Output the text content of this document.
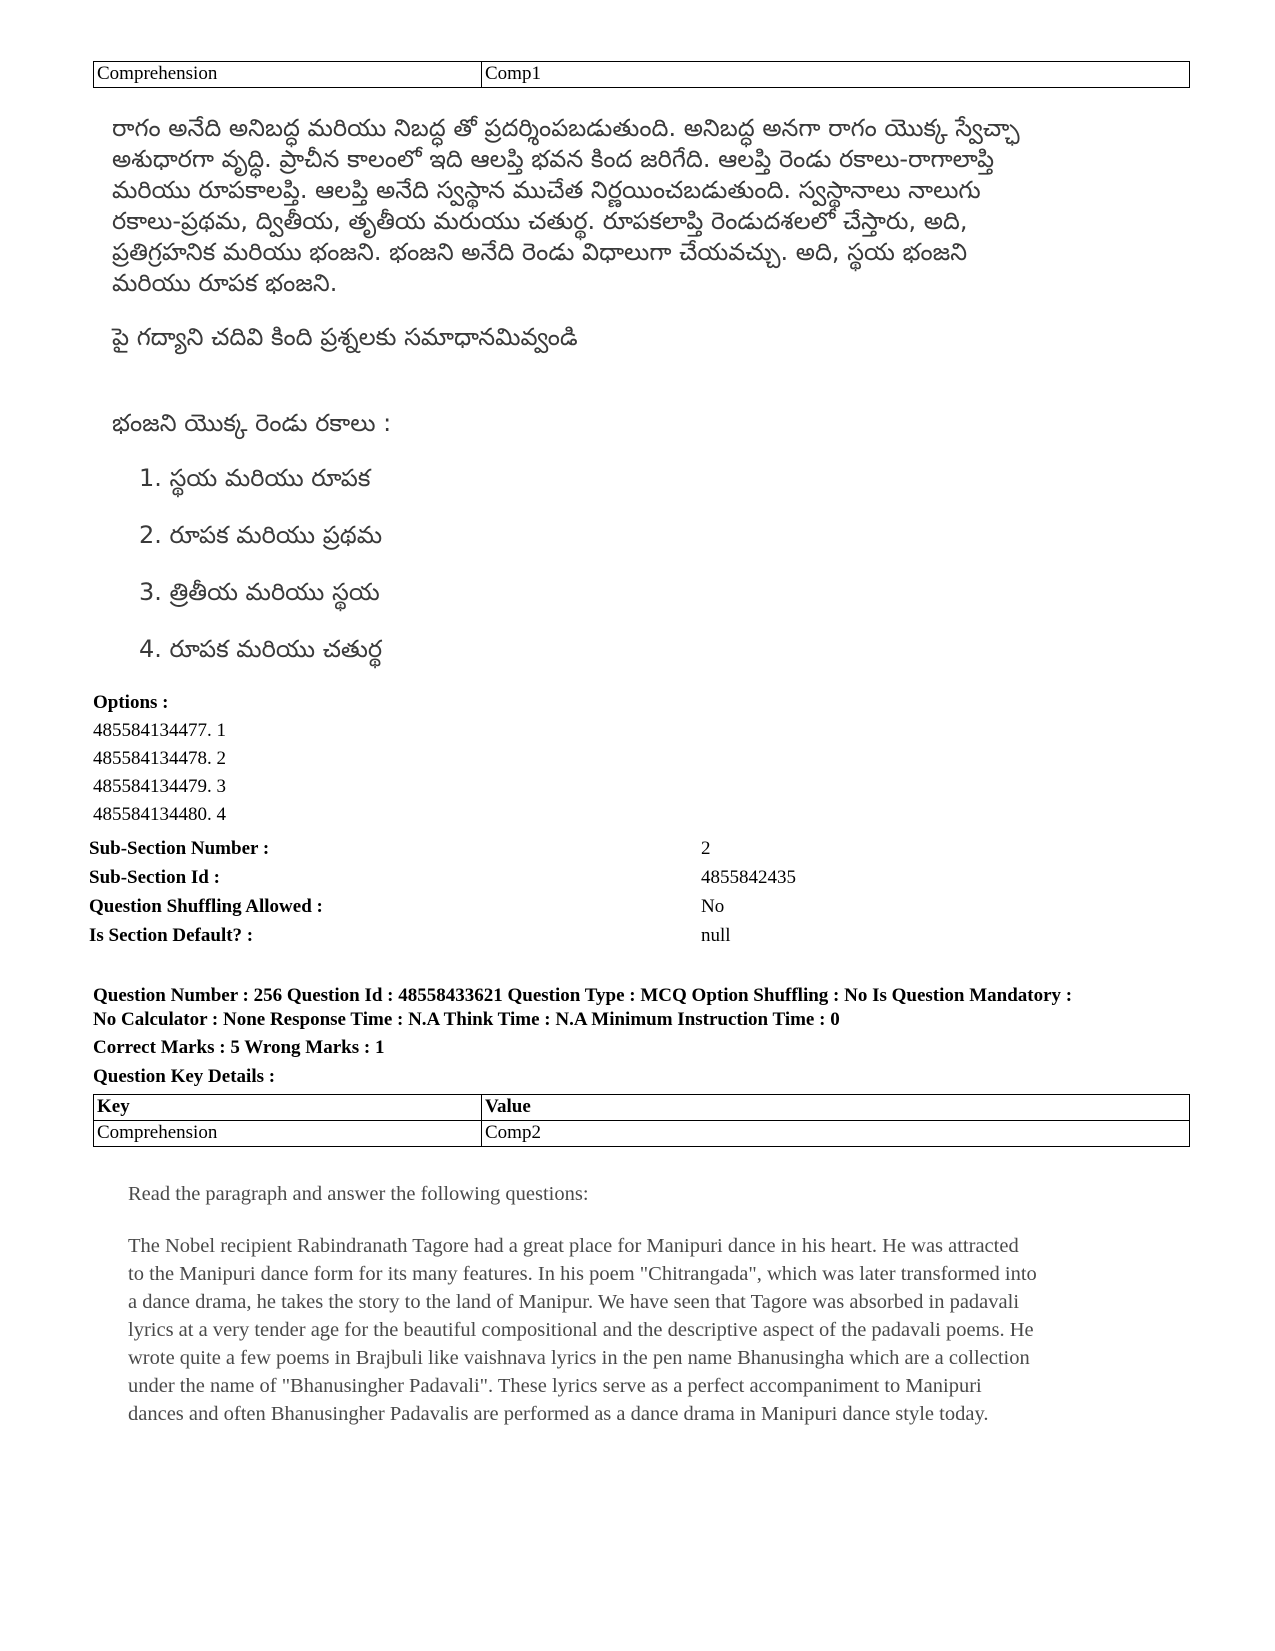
Comprehension	Comp1

రాగం అనేది అనిబద్ధ మరియు నిబద్ధ తో ప్రదర్శింపబడుతుంది. అనిబద్ధ అనగా రాగం యొక్క స్వేచ్ఛా

అశుధారగా వృద్ధి. ప్రాచీన కాలంలో ఇది ఆలప్తి భవన కింద జరిగేది. ఆలప్తి రెండు రకాలు-రాగాలాప్తి

మరియు రూపకాలప్తి. ఆలప్తి అనేది స్వస్థాన ముచేత నిర్ణయించబడుతుంది. స్వస్థానాలు నాలుగు

రకాలు-ప్రథమ, ద్వితీయ, తృతీయ మరుయు చతుర్థ. రూపకలాప్తి రెండుదశలలో చేస్తారు, అది,

ప్రతిగ్రహనిక మరియు భంజని. భంజని అనేది రెండు విధాలుగా చేయవచ్చు. అది, స్థయ భంజని

మరియు రూపక భంజని.

పై గద్యాని చదివి కింది ప్రశ్నలకు సమాధానమివ్వండి
భంజని యొక్క రెండు రకాలు :
1. స్థయ మరియు రూపక
2. రూపక మరియు ప్రథమ
3. త్రితీయ మరియు స్థయ
4. రూపక మరియు చతుర్థ
Options :
485584134477. 1
485584134478. 2
485584134479. 3
485584134480. 4
Sub-Section Number :	2
Sub-Section Id :	4855842435
Question Shuffling Allowed :	No
Is Section Default? :	null
Question Number : 256 Question Id : 48558433621 Question Type : MCQ Option Shuffling : No Is Question Mandatory :
No Calculator : None Response Time : N.A Think Time : N.A Minimum Instruction Time : 0
Correct Marks : 5 Wrong Marks : 1
Question Key Details :
Key	Value
Comprehension	Comp2
Read the paragraph and answer the following questions:

The Nobel recipient Rabindranath Tagore had a great place for Manipuri dance in his heart. He was attracted

to the Manipuri dance form for its many features. In his poem "Chitrangada", which was later transformed into

a dance drama, he takes the story to the land of Manipur. We have seen that Tagore was absorbed in padavali

lyrics at a very tender age for the beautiful compositional and the descriptive aspect of the padavali poems. He

wrote quite a few poems in Brajbuli like vaishnava lyrics in the pen name Bhanusingha which are a collection

under the name of "Bhanusingher Padavali". These lyrics serve as a perfect accompaniment to Manipuri

dances and often Bhanusingher Padavalis are performed as a dance drama in Manipuri dance style today.
